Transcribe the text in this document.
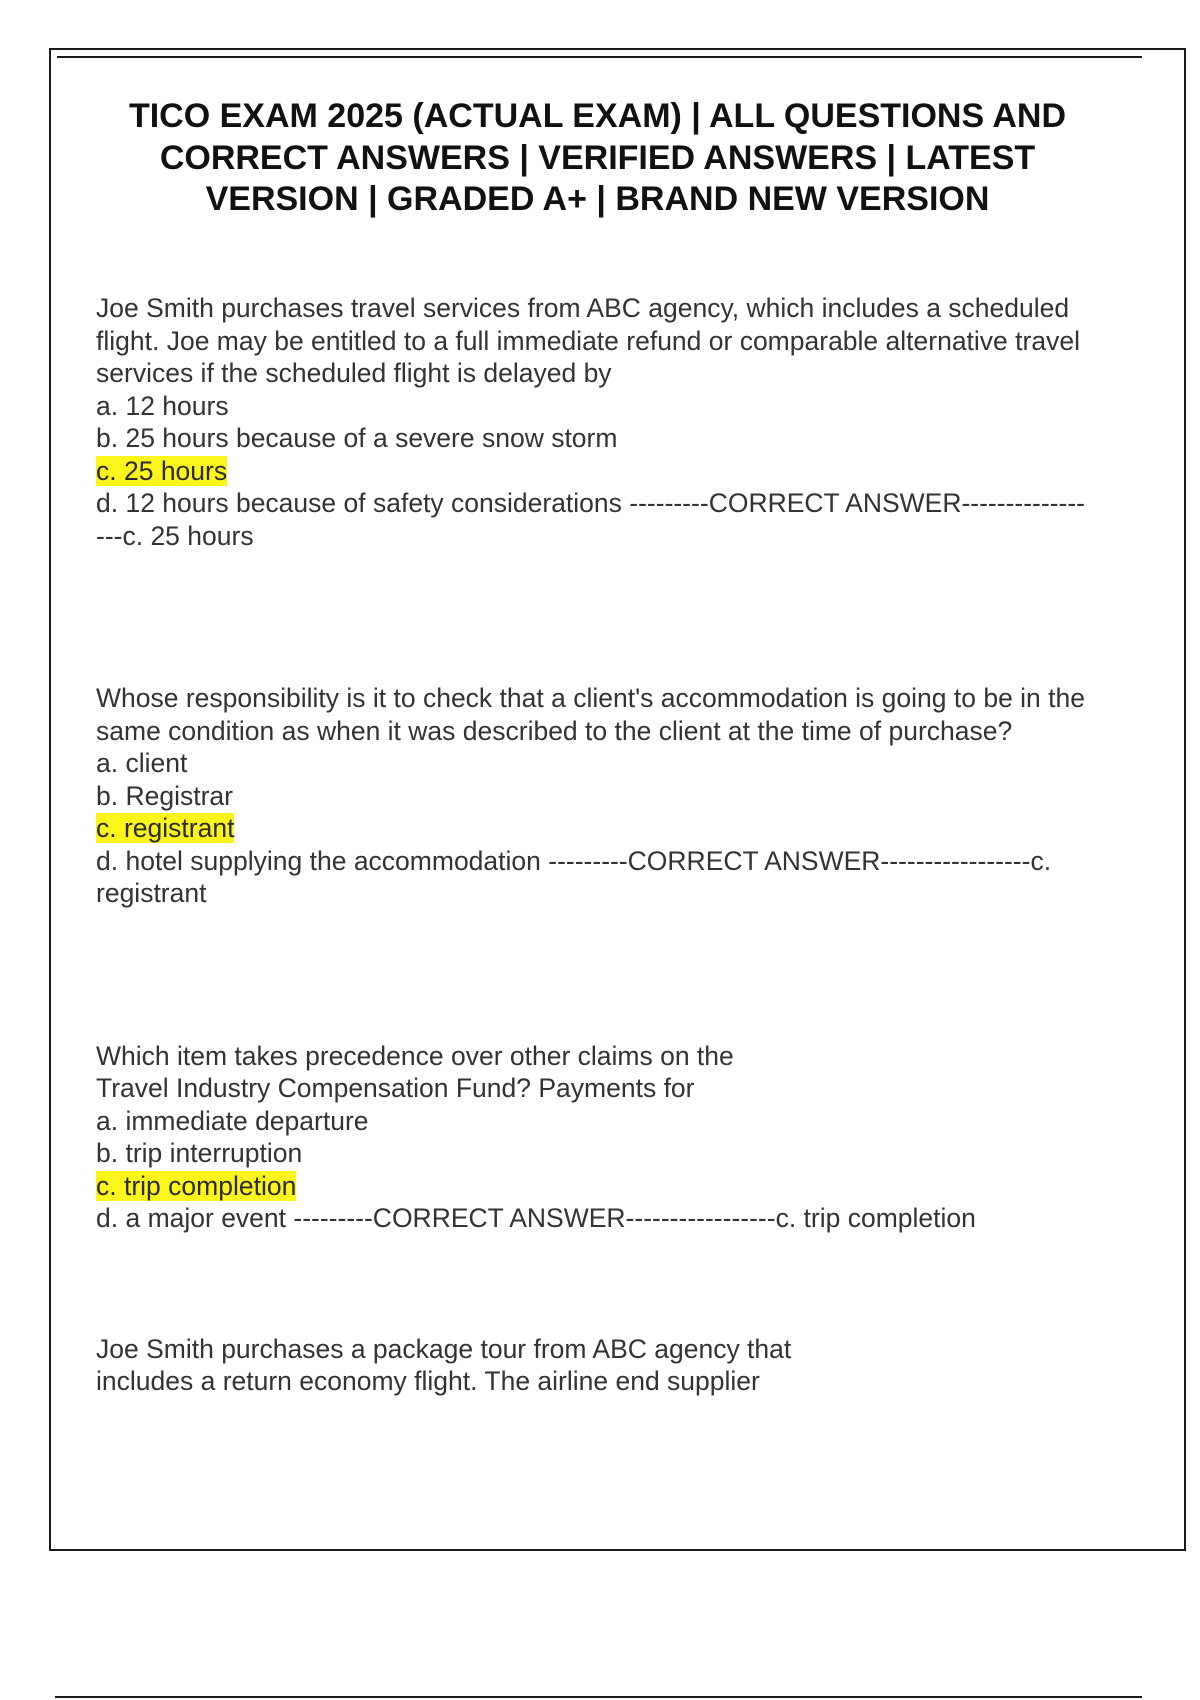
TICO EXAM 2025 (ACTUAL EXAM) | ALL QUESTIONS AND CORRECT ANSWERS | VERIFIED ANSWERS | LATEST VERSION | GRADED A+ | BRAND NEW VERSION

Joe Smith purchases travel services from ABC agency, which includes a scheduled flight. Joe may be entitled to a full immediate refund or comparable alternative travel services if the scheduled flight is delayed by

a. 12 hours

b. 25 hours because of a severe snow storm

c. 25 hours

d. 12 hours because of safety considerations ---------CORRECT ANSWER-----------------c. 25 hours

Whose responsibility is it to check that a client's accommodation is going to be in the same condition as when it was described to the client at the time of purchase?

a. client

b. Registrar

c. registrant

d. hotel supplying the accommodation ---------CORRECT ANSWER-----------------c. registrant

Which item takes precedence over other claims on the

Travel Industry Compensation Fund? Payments for

a. immediate departure

b. trip interruption

c. trip completion

d. a major event ---------CORRECT ANSWER-----------------c. trip completion

Joe Smith purchases a package tour from ABC agency that

includes a return economy flight. The airline end supplier
